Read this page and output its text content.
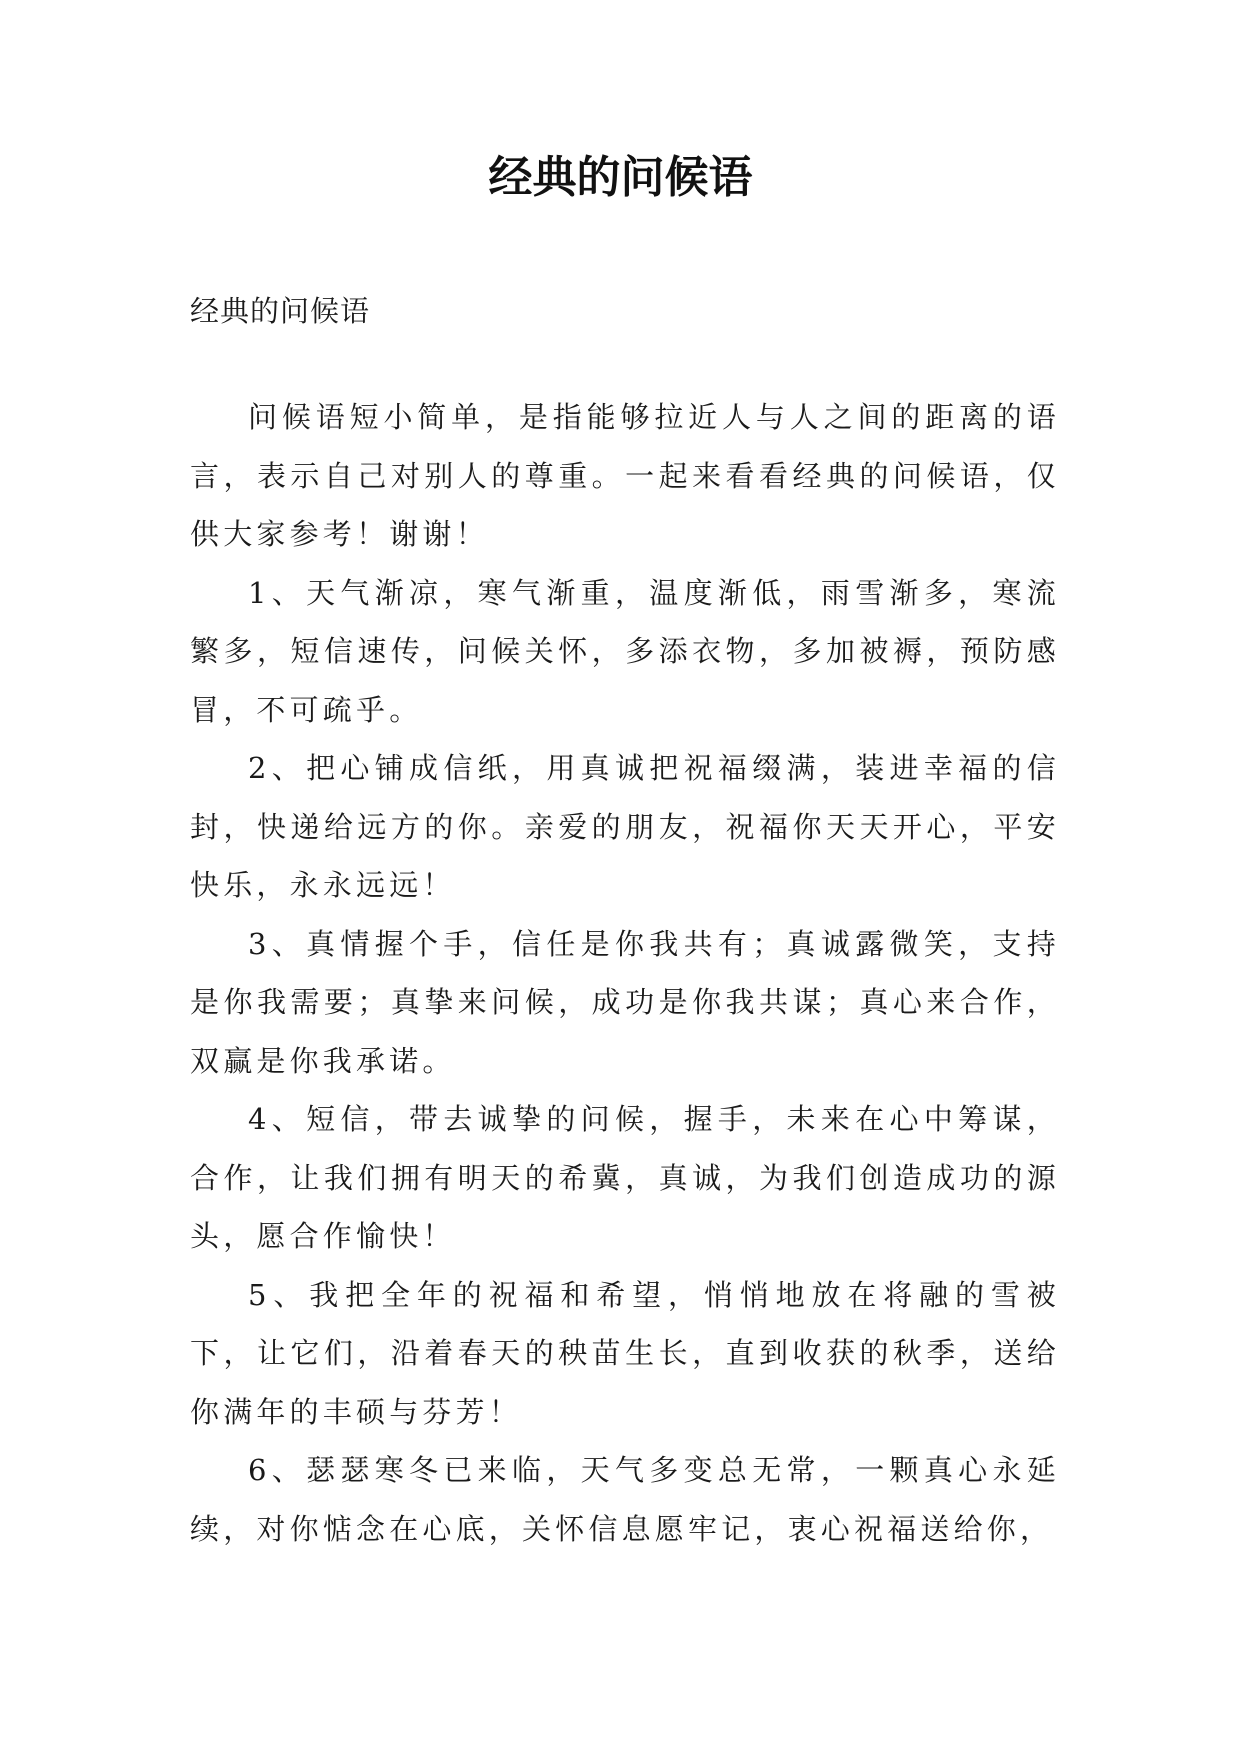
经典的问候语

经典的问候语

问候语短小简单，是指能够拉近人与人之间的距离的语言，表示自己对别人的尊重。一起来看看经典的问候语，仅供大家参考！谢谢！

1、天气渐凉，寒气渐重，温度渐低，雨雪渐多，寒流繁多，短信速传，问候关怀，多添衣物，多加被褥，预防感冒，不可疏乎。

2、把心铺成信纸，用真诚把祝福缀满，装进幸福的信封，快递给远方的你。亲爱的朋友，祝福你天天开心，平安快乐，永永远远！

3、真情握个手，信任是你我共有；真诚露微笑，支持是你我需要；真挚来问候，成功是你我共谋；真心来合作，双赢是你我承诺。

4、短信，带去诚挚的问候，握手，未来在心中筹谋，合作，让我们拥有明天的希冀，真诚，为我们创造成功的源头，愿合作愉快！

5、我把全年的祝福和希望，悄悄地放在将融的雪被下，让它们，沿着春天的秧苗生长，直到收获的秋季，送给你满年的丰硕与芬芳！

6、瑟瑟寒冬已来临，天气多变总无常，一颗真心永延续，对你惦念在心底，关怀信息愿牢记，衷心祝福送给你，
